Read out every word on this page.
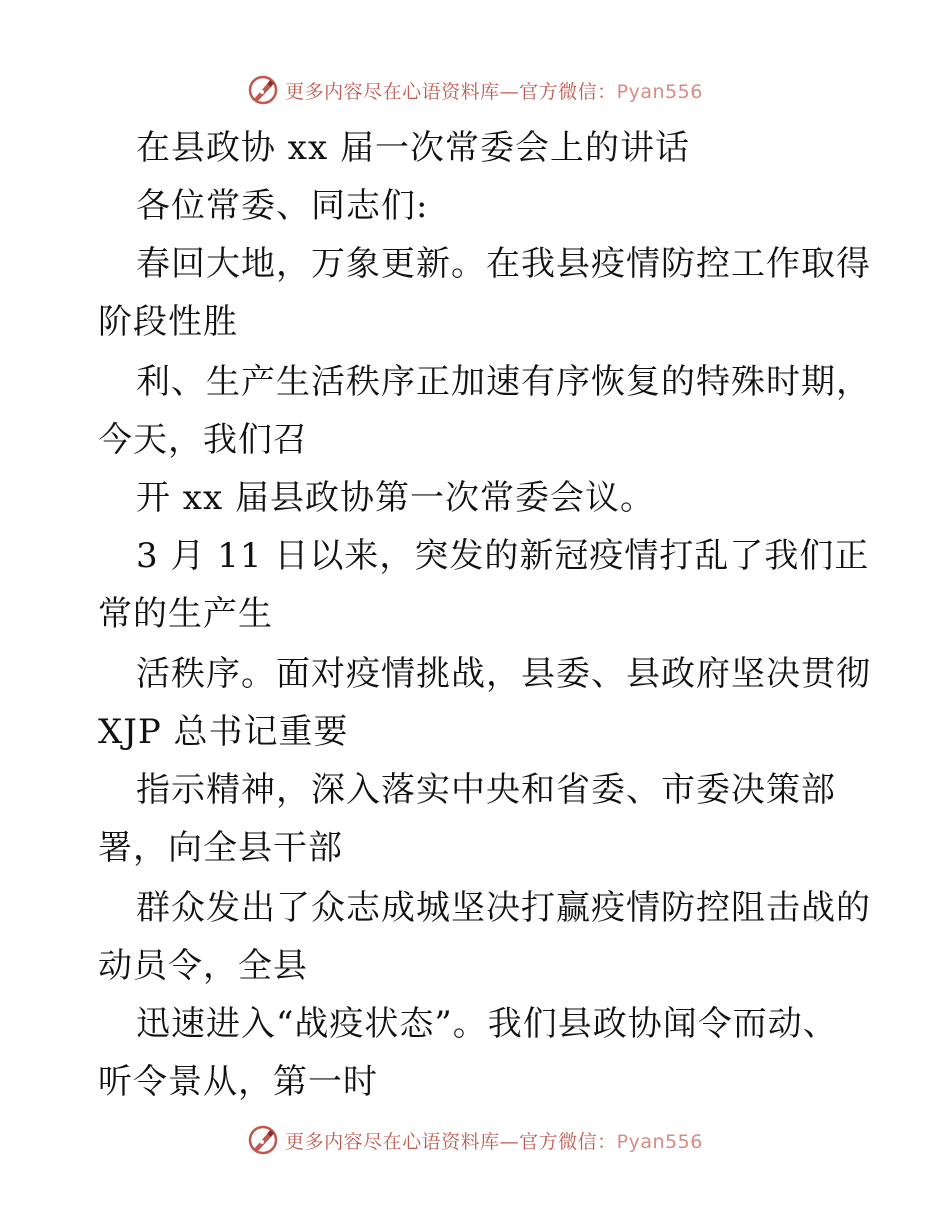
更多内容尽在心语资料库—官方微信：Pyan556
在县政协 xx 届一次常委会上的讲话
各位常委、同志们:
春回大地，万象更新。在我县疫情防控工作取得
阶段性胜
利、生产生活秩序正加速有序恢复的特殊时期，
今天，我们召
开 xx 届县政协第一次常委会议。
3 月 11 日以来，突发的新冠疫情打乱了我们正
常的生产生
活秩序。面对疫情挑战，县委、县政府坚决贯彻
XJP 总书记重要
指示精神，深入落实中央和省委、市委决策部
署，向全县干部
群众发出了众志成城坚决打赢疫情防控阻击战的
动员令，全县
迅速进入“战疫状态”。我们县政协闻令而动、
听令景从，第一时
更多内容尽在心语资料库—官方微信：Pyan556
